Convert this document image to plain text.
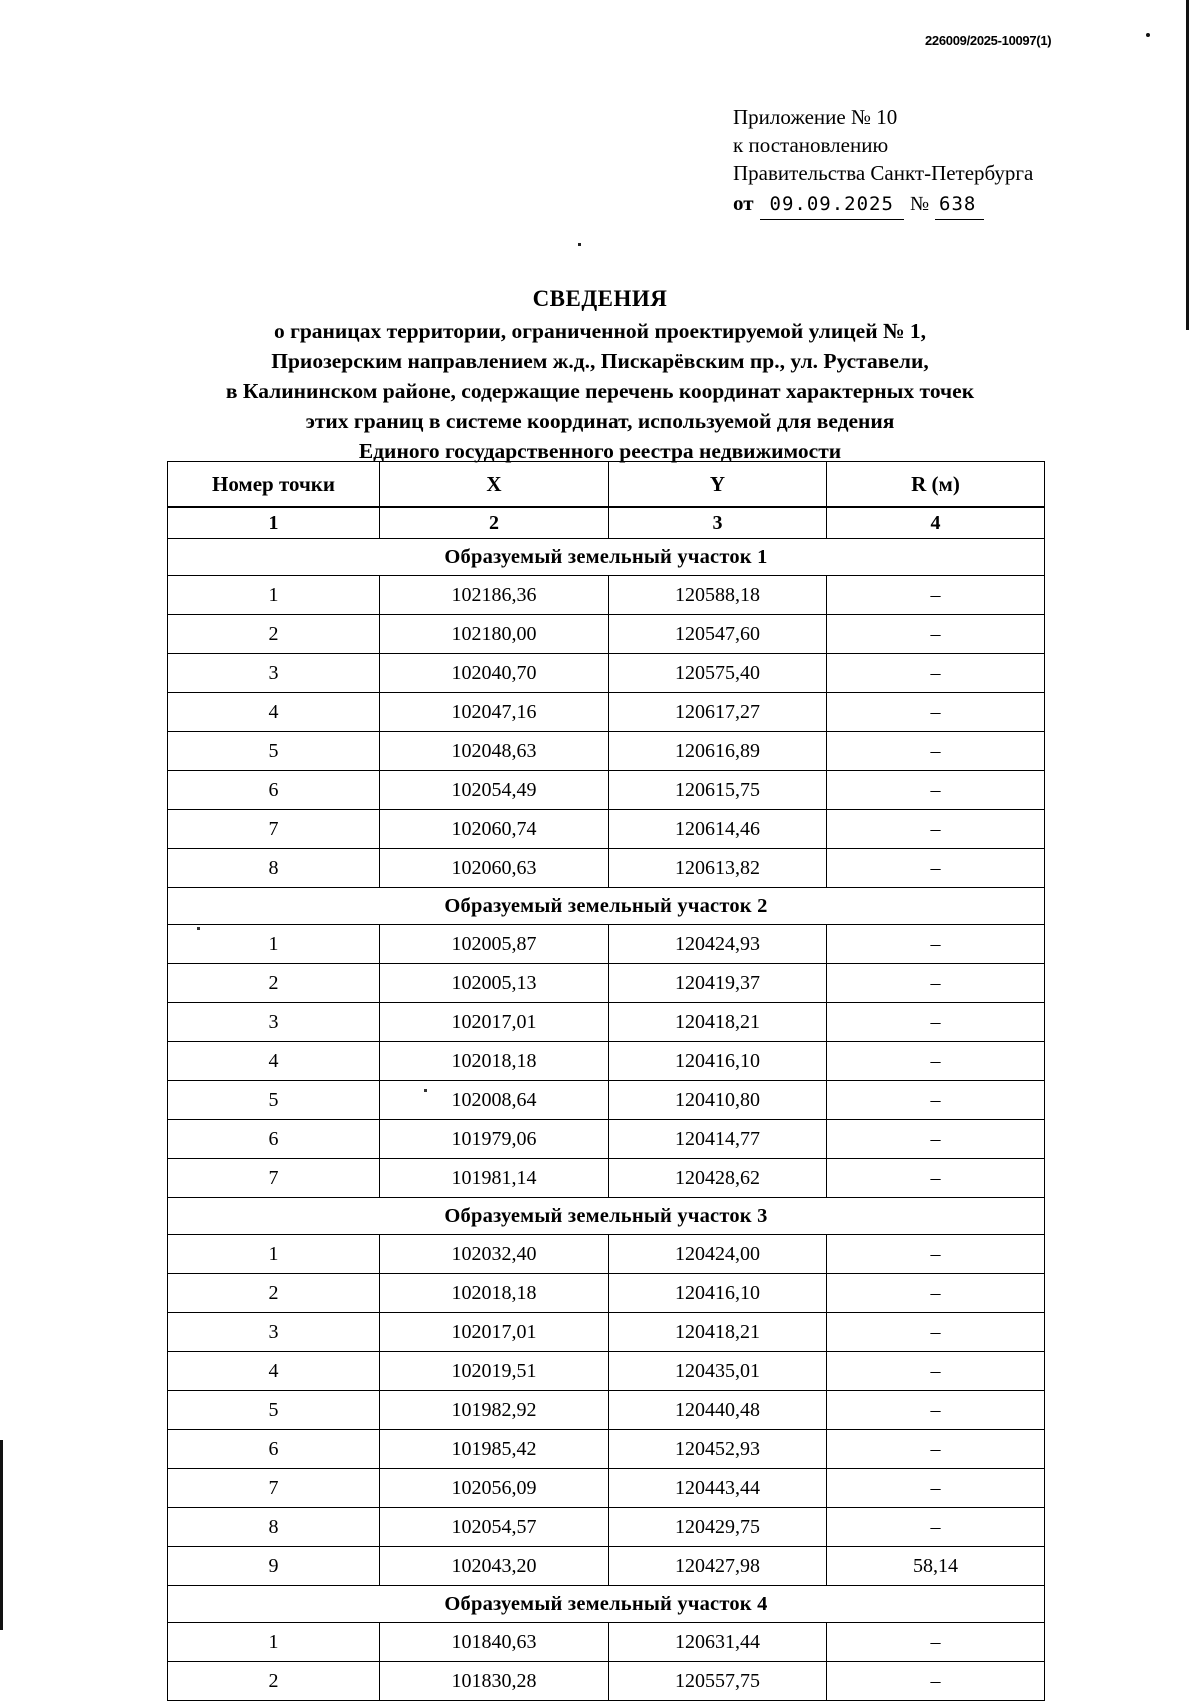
226009/2025-10097(1)
Приложение № 10
к постановлению
Правительства Санкт-Петербурга
от 09.09.2025 № 638
СВЕДЕНИЯ
о границах территории, ограниченной проектируемой улицей № 1,
Приозерским направлением ж.д., Пискарёвским пр., ул. Руставели,
в Калининском районе, содержащие перечень координат характерных точек
этих границ в системе координат, используемой для ведения
Единого государственного реестра недвижимости
Номер точки	X	Y	R (м)
1	2	3	4
Образуемый земельный участок 1			
1	102186,36	120588,18	–
2	102180,00	120547,60	–
3	102040,70	120575,40	–
4	102047,16	120617,27	–
5	102048,63	120616,89	–
6	102054,49	120615,75	–
7	102060,74	120614,46	–
8	102060,63	120613,82	–
Образуемый земельный участок 2			
1	102005,87	120424,93	–
2	102005,13	120419,37	–
3	102017,01	120418,21	–
4	102018,18	120416,10	–
5	102008,64	120410,80	–
6	101979,06	120414,77	–
7	101981,14	120428,62	–
Образуемый земельный участок 3			
1	102032,40	120424,00	–
2	102018,18	120416,10	–
3	102017,01	120418,21	–
4	102019,51	120435,01	–
5	101982,92	120440,48	–
6	101985,42	120452,93	–
7	102056,09	120443,44	–
8	102054,57	120429,75	–
9	102043,20	120427,98	58,14
Образуемый земельный участок 4			
1	101840,63	120631,44	–
2	101830,28	120557,75	–
